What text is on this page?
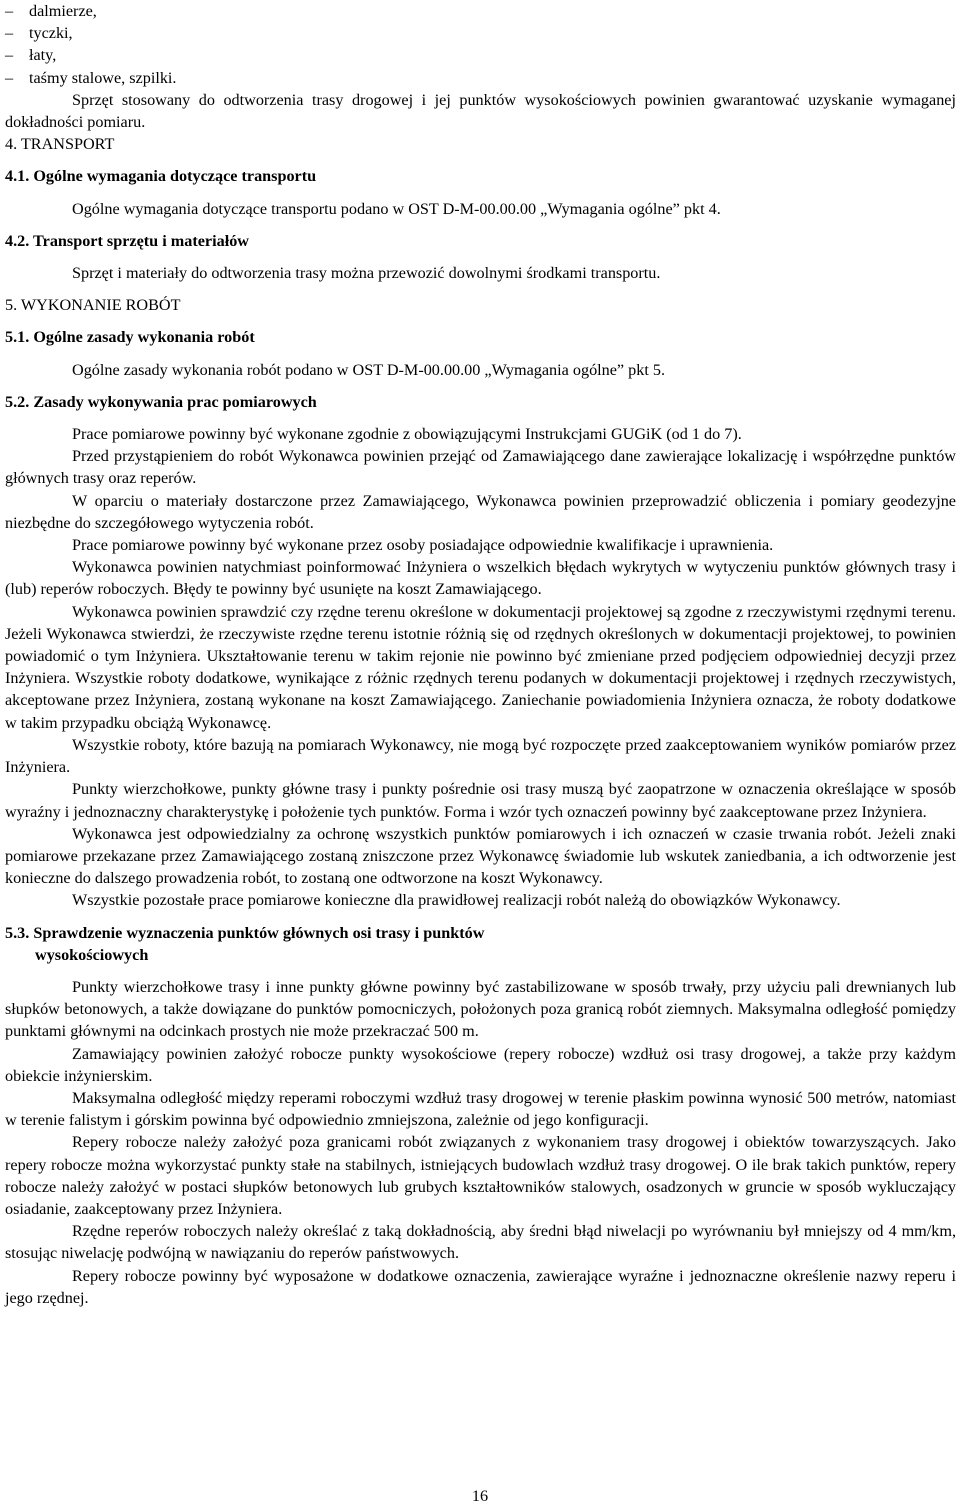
– dalmierze,
– tyczki,
– łaty,
– taśmy stalowe, szpilki.

Sprzęt stosowany do odtworzenia trasy drogowej i jej punktów wysokościowych powinien gwarantować uzyskanie wymaganej dokładności pomiaru.

4. TRANSPORT
4.1. Ogólne wymagania dotyczące transportu

Ogólne wymagania dotyczące transportu podano w OST D-M-00.00.00 „Wymagania ogólne” pkt 4.

4.2. Transport sprzętu i materiałów

Sprzęt i materiały do odtworzenia trasy można przewozić dowolnymi środkami transportu.

5. WYKONANIE ROBÓT
5.1. Ogólne zasady wykonania robót

Ogólne zasady wykonania robót podano w OST D-M-00.00.00 „Wymagania ogólne” pkt 5.

5.2. Zasady wykonywania prac pomiarowych

Prace pomiarowe powinny być wykonane zgodnie z obowiązującymi Instrukcjami GUGiK (od 1 do 7).

Przed przystąpieniem do robót Wykonawca powinien przejąć od Zamawiającego dane zawierające lokalizację i współrzędne punktów głównych trasy oraz reperów.

W oparciu o materiały dostarczone przez Zamawiającego, Wykonawca powinien przeprowadzić obliczenia i pomiary geodezyjne niezbędne do szczegółowego wytyczenia robót.

Prace pomiarowe powinny być wykonane przez osoby posiadające odpowiednie kwalifikacje i uprawnienia.

Wykonawca powinien natychmiast poinformować Inżyniera o wszelkich błędach wykrytych w wytyczeniu punktów głównych trasy i (lub) reperów roboczych. Błędy te powinny być usunięte na koszt Zamawiającego.

Wykonawca powinien sprawdzić czy rzędne terenu określone w dokumentacji projektowej są zgodne z rzeczywistymi rzędnymi terenu. Jeżeli Wykonawca stwierdzi, że rzeczywiste rzędne terenu istotnie różnią się od rzędnych określonych w dokumentacji projektowej, to powinien powiadomić o tym Inżyniera. Ukształtowanie terenu w takim rejonie nie powinno być zmieniane przed podjęciem odpowiedniej decyzji przez Inżyniera. Wszystkie roboty dodatkowe, wynikające z różnic rzędnych terenu podanych w dokumentacji projektowej i rzędnych rzeczywistych, akceptowane przez Inżyniera, zostaną wykonane na koszt Zamawiającego. Zaniechanie powiadomienia Inżyniera oznacza, że roboty dodatkowe w takim przypadku obciążą Wykonawcę.

Wszystkie roboty, które bazują na pomiarach Wykonawcy, nie mogą być rozpoczęte przed zaakceptowaniem wyników pomiarów przez Inżyniera.

Punkty wierzchołkowe, punkty główne trasy i punkty pośrednie osi trasy muszą być zaopatrzone w oznaczenia określające w sposób wyraźny i jednoznaczny charakterystykę i położenie tych punktów. Forma i wzór tych oznaczeń powinny być zaakceptowane przez Inżyniera.

Wykonawca jest odpowiedzialny za ochronę wszystkich punktów pomiarowych i ich oznaczeń w czasie trwania robót. Jeżeli znaki pomiarowe przekazane przez Zamawiającego zostaną zniszczone przez Wykonawcę świadomie lub wskutek zaniedbania, a ich odtworzenie jest konieczne do dalszego prowadzenia robót, to zostaną one odtworzone na koszt Wykonawcy.

Wszystkie pozostałe prace pomiarowe konieczne dla prawidłowej realizacji robót należą do obowiązków Wykonawcy.

5.3. Sprawdzenie wyznaczenia punktów głównych osi trasy i punktów
wysokościowych

Punkty wierzchołkowe trasy i inne punkty główne powinny być zastabilizowane w sposób trwały, przy użyciu pali drewnianych lub słupków betonowych, a także dowiązane do punktów pomocniczych, położonych poza granicą robót ziemnych. Maksymalna odległość pomiędzy punktami głównymi na odcinkach prostych nie może przekraczać 500 m.

Zamawiający powinien założyć robocze punkty wysokościowe (repery robocze) wzdłuż osi trasy drogowej, a także przy każdym obiekcie inżynierskim.

Maksymalna odległość między reperami roboczymi wzdłuż trasy drogowej w terenie płaskim powinna wynosić 500 metrów, natomiast w terenie falistym i górskim powinna być odpowiednio zmniejszona, zależnie od jego konfiguracji.

Repery robocze należy założyć poza granicami robót związanych z wykonaniem trasy drogowej i obiektów towarzyszących. Jako repery robocze można wykorzystać punkty stałe na stabilnych, istniejących budowlach wzdłuż trasy drogowej. O ile brak takich punktów, repery robocze należy założyć w postaci słupków betonowych lub grubych kształtowników stalowych, osadzonych w gruncie w sposób wykluczający osiadanie, zaakceptowany przez Inżyniera.

Rzędne reperów roboczych należy określać z taką dokładnością, aby średni błąd niwelacji po wyrównaniu był mniejszy od 4 mm/km, stosując niwelację podwójną w nawiązaniu do reperów państwowych.

Repery robocze powinny być wyposażone w dodatkowe oznaczenia, zawierające wyraźne i jednoznaczne określenie nazwy reperu i jego rzędnej.

16
